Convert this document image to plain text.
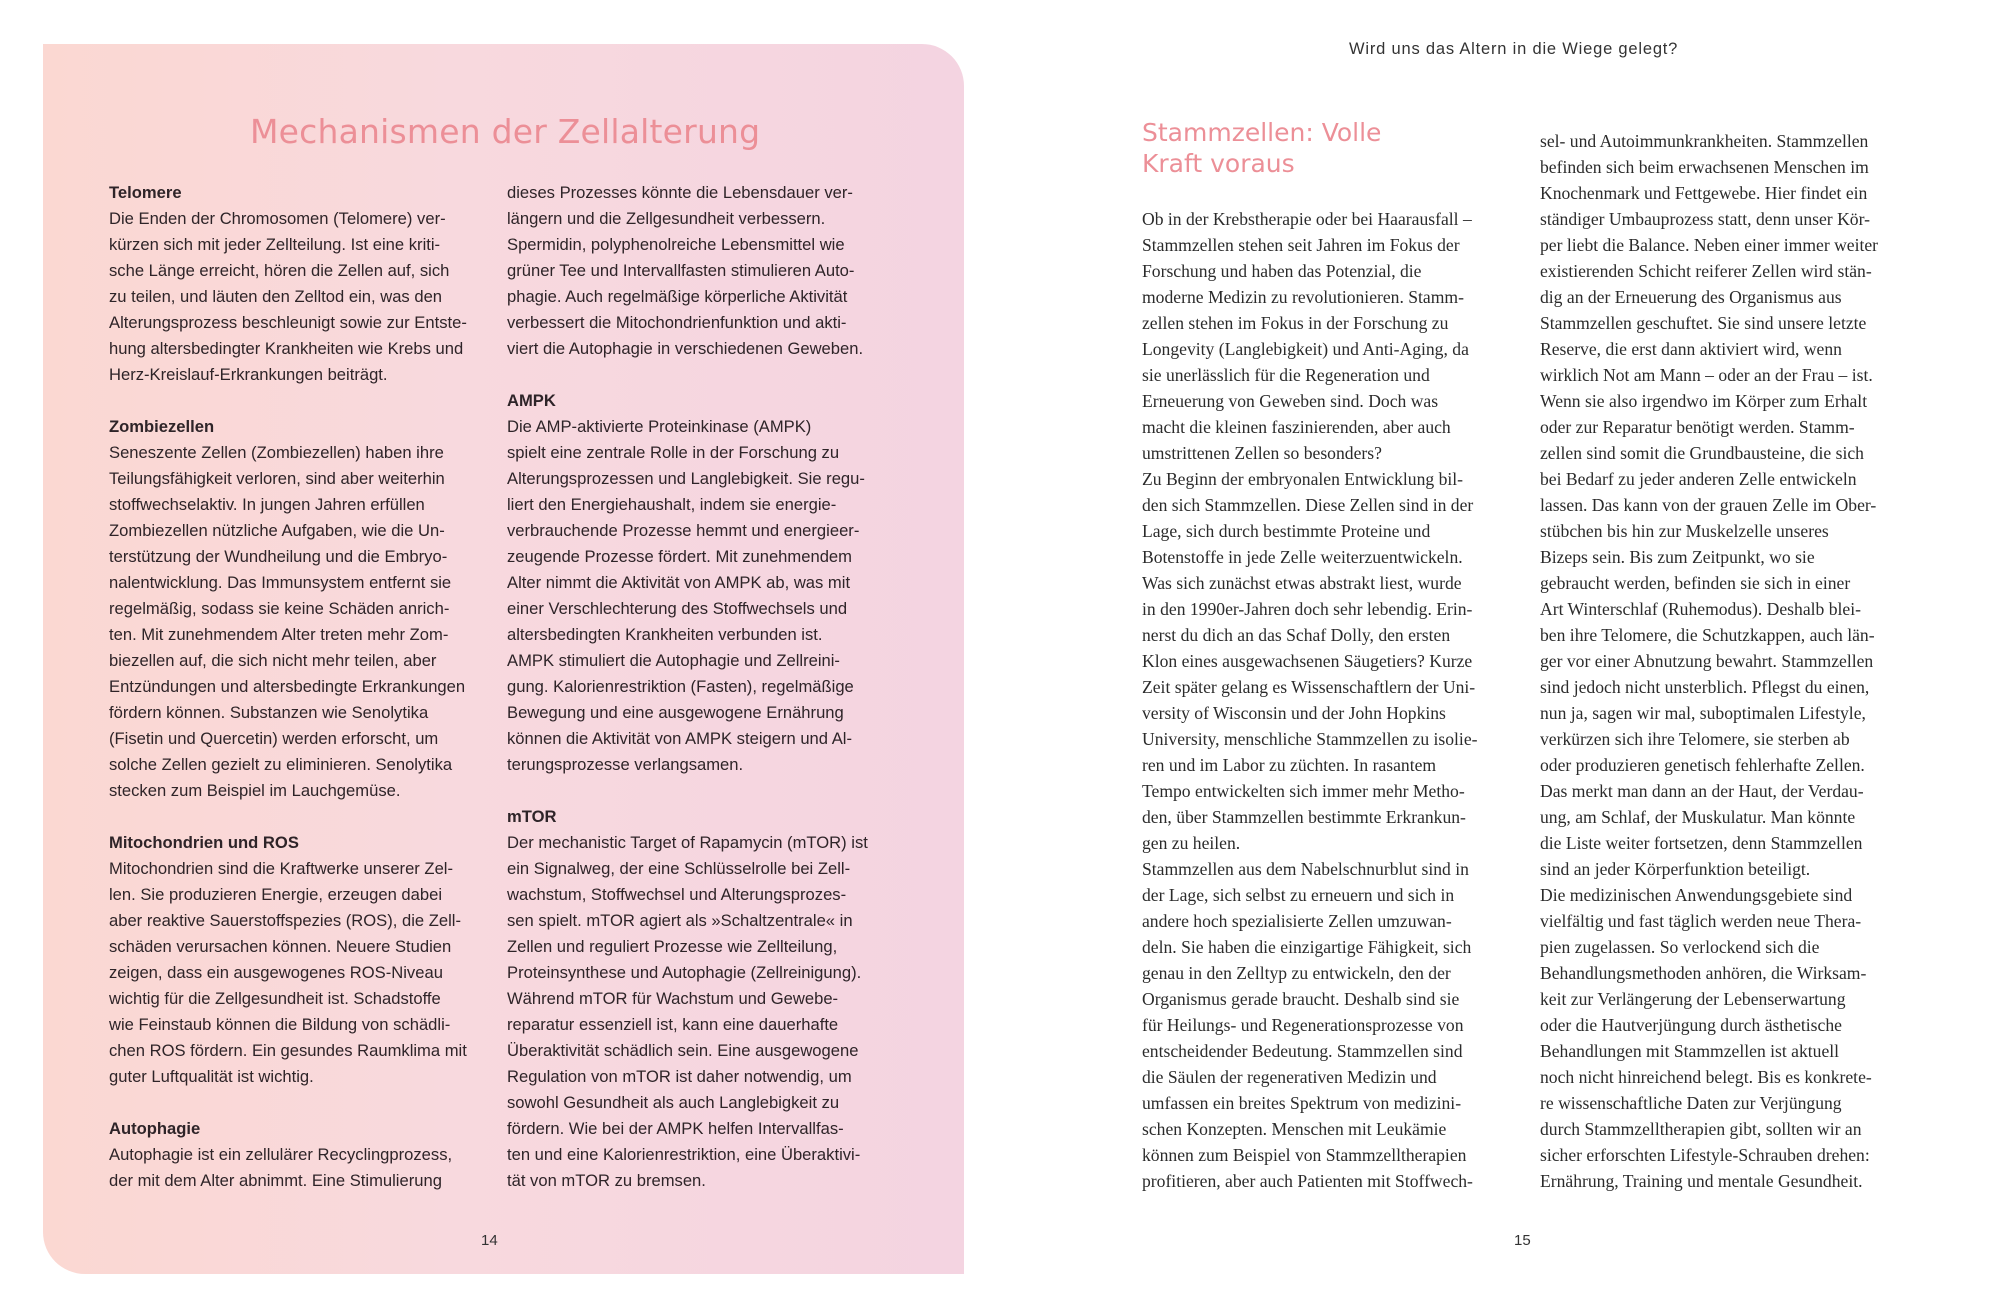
Mechanismen der Zellalterung

Telomere

Die Enden der Chromosomen (Telomere) ver-
kürzen sich mit jeder Zellteilung. Ist eine kriti-
sche Länge erreicht, hören die Zellen auf, sich
zu teilen, und läuten den Zelltod ein, was den
Alterungsprozess beschleunigt sowie zur Entste-
hung altersbedingter Krankheiten wie Krebs und
Herz-Kreislauf-Erkrankungen beiträgt.

Zombiezellen

Seneszente Zellen (Zombiezellen) haben ihre
Teilungsfähigkeit verloren, sind aber weiterhin
stoffwechselaktiv. In jungen Jahren erfüllen
Zombiezellen nützliche Aufgaben, wie die Un-
terstützung der Wundheilung und die Embryo-
nalentwicklung. Das Immunsystem entfernt sie
regelmäßig, sodass sie keine Schäden anrich-
ten. Mit zunehmendem Alter treten mehr Zom-
biezellen auf, die sich nicht mehr teilen, aber
Entzündungen und altersbedingte Erkrankungen
fördern können. Substanzen wie Senolytika
(Fisetin und Quercetin) werden erforscht, um
solche Zellen gezielt zu eliminieren. Senolytika
stecken zum Beispiel im Lauchgemüse.

Mitochondrien und ROS

Mitochondrien sind die Kraftwerke unserer Zel-
len. Sie produzieren Energie, erzeugen dabei
aber reaktive Sauerstoffspezies (ROS), die Zell-
schäden verursachen können. Neuere Studien
zeigen, dass ein ausgewogenes ROS-Niveau
wichtig für die Zellgesundheit ist. Schadstoffe
wie Feinstaub können die Bildung von schädli-
chen ROS fördern. Ein gesundes Raumklima mit
guter Luftqualität ist wichtig.

Autophagie

Autophagie ist ein zellulärer Recyclingprozess,
der mit dem Alter abnimmt. Eine Stimulierung

dieses Prozesses könnte die Lebensdauer ver-
längern und die Zellgesundheit verbessern.
Spermidin, polyphenolreiche Lebensmittel wie
grüner Tee und Intervallfasten stimulieren Auto-
phagie. Auch regelmäßige körperliche Aktivität
verbessert die Mitochondrienfunktion und akti-
viert die Autophagie in verschiedenen Geweben.

AMPK

Die AMP-aktivierte Proteinkinase (AMPK)
spielt eine zentrale Rolle in der Forschung zu
Alterungsprozessen und Langlebigkeit. Sie regu-
liert den Energiehaushalt, indem sie energie-
verbrauchende Prozesse hemmt und energieer-
zeugende Prozesse fördert. Mit zunehmendem
Alter nimmt die Aktivität von AMPK ab, was mit
einer Verschlechterung des Stoffwechsels und
altersbedingten Krankheiten verbunden ist.
AMPK stimuliert die Autophagie und Zellreini-
gung. Kalorienrestriktion (Fasten), regelmäßige
Bewegung und eine ausgewogene Ernährung
können die Aktivität von AMPK steigern und Al-
terungsprozesse verlangsamen.

mTOR

Der mechanistic Target of Rapamycin (mTOR) ist
ein Signalweg, der eine Schlüsselrolle bei Zell-
wachstum, Stoffwechsel und Alterungsprozes-
sen spielt. mTOR agiert als »Schaltzentrale« in
Zellen und reguliert Prozesse wie Zellteilung,
Proteinsynthese und Autophagie (Zellreinigung).
Während mTOR für Wachstum und Gewebe-
reparatur essenziell ist, kann eine dauerhafte
Überaktivität schädlich sein. Eine ausgewogene
Regulation von mTOR ist daher notwendig, um
sowohl Gesundheit als auch Langlebigkeit zu
fördern. Wie bei der AMPK helfen Intervallfas-
ten und eine Kalorienrestriktion, eine Überaktivi-
tät von mTOR zu bremsen.

14
Wird uns das Altern in die Wiege gelegt?
Stammzellen: Volle
Kraft voraus

Ob in der Krebstherapie oder bei Haarausfall –
Stammzellen stehen seit Jahren im Fokus der
Forschung und haben das Potenzial, die
moderne Medizin zu revolutionieren. Stamm-
zellen stehen im Fokus in der Forschung zu
Longevity (Langlebigkeit) und Anti-Aging, da
sie unerlässlich für die Regeneration und
Erneuerung von Geweben sind. Doch was
macht die kleinen faszinierenden, aber auch
umstrittenen Zellen so besonders?

Zu Beginn der embryonalen Entwicklung bil-
den sich Stammzellen. Diese Zellen sind in der
Lage, sich durch bestimmte Proteine und
Botenstoffe in jede Zelle weiterzuentwickeln.
Was sich zunächst etwas abstrakt liest, wurde
in den 1990er-Jahren doch sehr lebendig. Erin-
nerst du dich an das Schaf Dolly, den ersten
Klon eines ausgewachsenen Säugetiers? Kurze
Zeit später gelang es Wissenschaftlern der Uni-
versity of Wisconsin und der John Hopkins
University, menschliche Stammzellen zu isolie-
ren und im Labor zu züchten. In rasantem
Tempo entwickelten sich immer mehr Metho-
den, über Stammzellen bestimmte Erkrankun-
gen zu heilen.

Stammzellen aus dem Nabelschnurblut sind in
der Lage, sich selbst zu erneuern und sich in
andere hoch spezialisierte Zellen umzuwan-
deln. Sie haben die einzigartige Fähigkeit, sich
genau in den Zelltyp zu entwickeln, den der
Organismus gerade braucht. Deshalb sind sie
für Heilungs- und Regenerationsprozesse von
entscheidender Bedeutung. Stammzellen sind
die Säulen der regenerativen Medizin und
umfassen ein breites Spektrum von medizini-
schen Konzepten. Menschen mit Leukämie
können zum Beispiel von Stammzelltherapien
profitieren, aber auch Patienten mit Stoffwech-

sel- und Autoimmunkrankheiten. Stammzellen
befinden sich beim erwachsenen Menschen im
Knochenmark und Fettgewebe. Hier findet ein
ständiger Umbauprozess statt, denn unser Kör-
per liebt die Balance. Neben einer immer weiter
existierenden Schicht reiferer Zellen wird stän-
dig an der Erneuerung des Organismus aus
Stammzellen geschuftet. Sie sind unsere letzte
Reserve, die erst dann aktiviert wird, wenn
wirklich Not am Mann – oder an der Frau – ist.
Wenn sie also irgendwo im Körper zum Erhalt
oder zur Reparatur benötigt werden. Stamm-
zellen sind somit die Grundbausteine, die sich
bei Bedarf zu jeder anderen Zelle entwickeln
lassen. Das kann von der grauen Zelle im Ober-
stübchen bis hin zur Muskelzelle unseres
Bizeps sein. Bis zum Zeitpunkt, wo sie
gebraucht werden, befinden sie sich in einer
Art Winterschlaf (Ruhemodus). Deshalb blei-
ben ihre Telomere, die Schutzkappen, auch län-
ger vor einer Abnutzung bewahrt. Stammzellen
sind jedoch nicht unsterblich. Pflegst du einen,
nun ja, sagen wir mal, suboptimalen Lifestyle,
verkürzen sich ihre Telomere, sie sterben ab
oder produzieren genetisch fehlerhafte Zellen.
Das merkt man dann an der Haut, der Verdau-
ung, am Schlaf, der Muskulatur. Man könnte
die Liste weiter fortsetzen, denn Stammzellen
sind an jeder Körperfunktion beteiligt.

Die medizinischen Anwendungsgebiete sind
vielfältig und fast täglich werden neue Thera-
pien zugelassen. So verlockend sich die
Behandlungsmethoden anhören, die Wirksam-
keit zur Verlängerung der Lebenserwartung
oder die Hautverjüngung durch ästhetische
Behandlungen mit Stammzellen ist aktuell
noch nicht hinreichend belegt. Bis es konkrete-
re wissenschaftliche Daten zur Verjüngung
durch Stammzelltherapien gibt, sollten wir an
sicher erforschten Lifestyle-Schrauben drehen:
Ernährung, Training und mentale Gesundheit.

15
